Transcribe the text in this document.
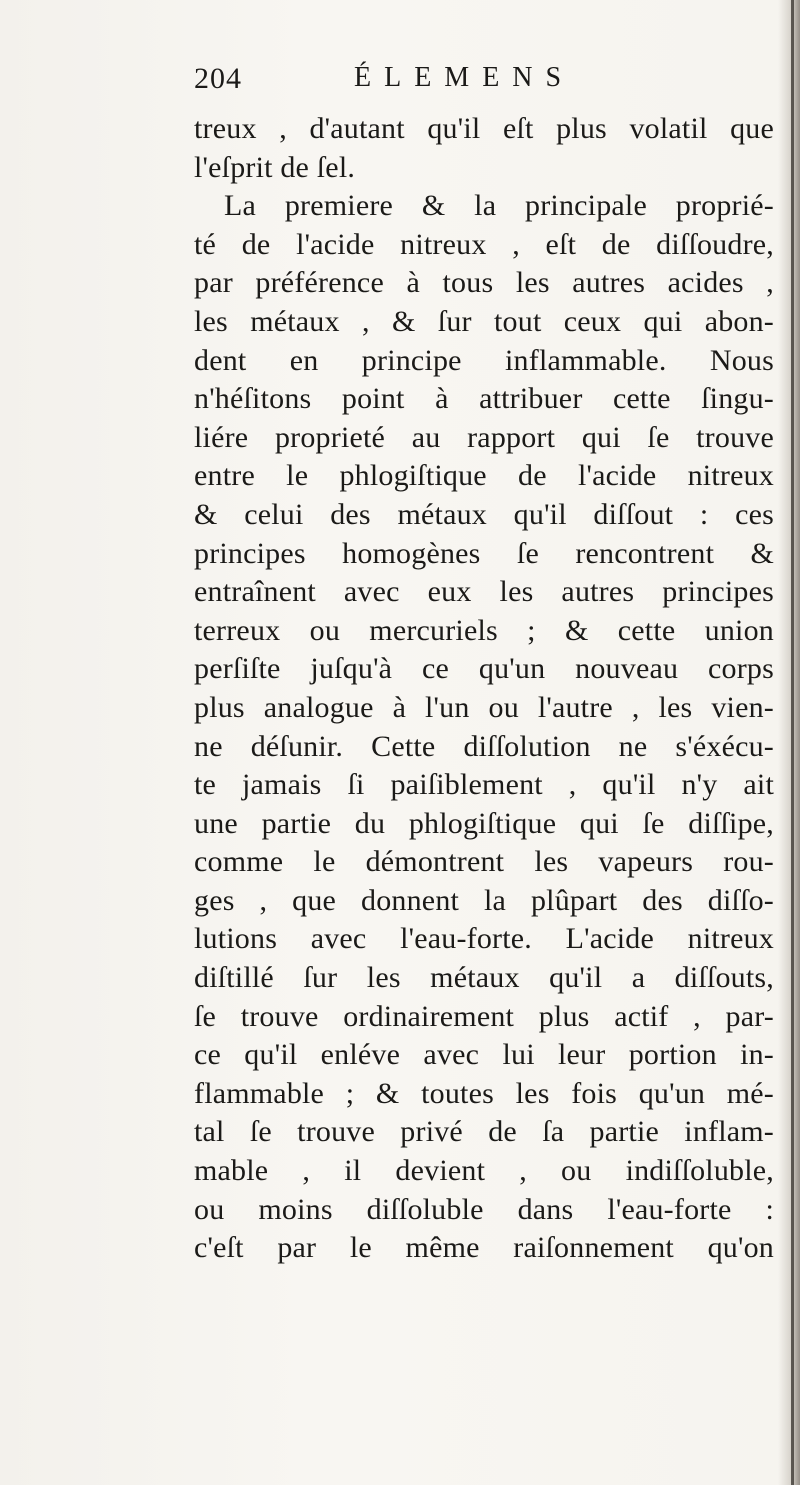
204	ÉLEMENS
treux , d'autant qu'il eſt plus volatil que
l'eſprit de ſel.
La premiere & la principale proprié-
té de l'acide nitreux , eſt de diſſoudre,
par préférence à tous les autres acides ,
les métaux , & ſur tout ceux qui abon-
dent en principe inflammable. Nous
n'héſitons point à attribuer cette ſingu-
liére proprieté au rapport qui ſe trouve
entre le phlogiſtique de l'acide nitreux
& celui des métaux qu'il diſſout : ces
principes homogènes ſe rencontrent &
entraînent avec eux les autres principes
terreux ou mercuriels ; & cette union
perſiſte juſqu'à ce qu'un nouveau corps
plus analogue à l'un ou l'autre , les vien-
ne déſunir. Cette diſſolution ne s'éxécu-
te jamais ſi paiſiblement , qu'il n'y ait
une partie du phlogiſtique qui ſe diſſipe,
comme le démontrent les vapeurs rou-
ges , que donnent la plûpart des diſſo-
lutions avec l'eau-forte. L'acide nitreux
diſtillé ſur les métaux qu'il a diſſouts,
ſe trouve ordinairement plus actif , par-
ce qu'il enléve avec lui leur portion in-
flammable ; & toutes les fois qu'un mé-
tal ſe trouve privé de ſa partie inflam-
mable , il devient , ou indiſſoluble,
ou moins diſſoluble dans l'eau-forte :
c'eſt par le même raiſonnement qu'on
